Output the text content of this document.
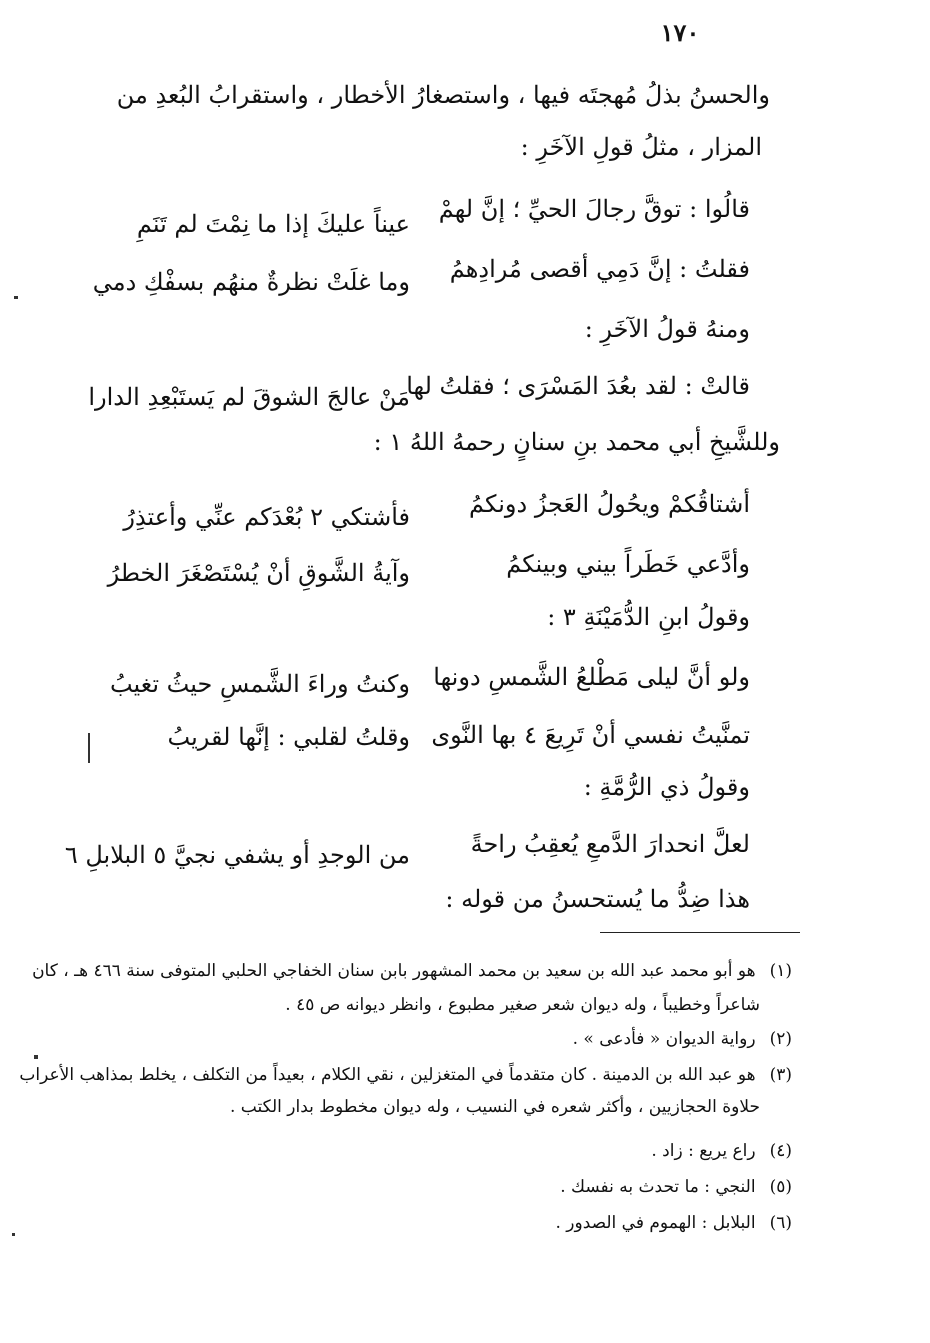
١٧٠
والحسنُ بذلُ مُهجتَه فيها ، واستصغارُ الأخطار ، واستقرابُ البُعدِ من
المزار ، مثلُ قولِ الآخَرِ :
قالُوا : توقَّ رجالَ الحيِّ ؛ إنَّ لهمْ
عيناً عليكَ إذا ما نِمْتَ لم تَنَمِ
فقلتُ : إنَّ دَمِي أقصى مُرادِهمُ
وما غلَتْ نظرةٌ منهُم بسفْكِ دمي
ومنهُ قولُ الآخَرِ :
قالتْ : لقد بعُدَ المَسْرَى ؛ فقلتُ لها
مَنْ عالجَ الشوقَ لم يَستَبْعِدِ الدارا
وللشَّيخِ أبي محمد بنِ سنانٍ رحمهُ اللهُ ١ :
أشتاقُكمْ ويحُولُ العَجزُ دونكمُ
فأشتكي ٢ بُعْدَكم عنِّي وأعتذِرُ
وأدَّعي خَطَراً بيني وبينكمُ
وآيةُ الشَّوقِ أنْ يُسْتَصْغَرَ الخطرُ
وقولُ ابنِ الدُّمَيْنَةِ ٣ :
ولو أنَّ ليلى مَطْلعُ الشَّمسِ دونها
وكنتُ وراءَ الشَّمسِ حيثُ تغيبُ
تمنَّيتُ نفسي أنْ تَرِيعَ ٤ بها النَّوى
وقلتُ لقلبي : إنَّها لقريبُ
وقولُ ذي الرُّمَّةِ :
لعلَّ انحدارَ الدَّمعِ يُعقِبُ راحةً
من الوجدِ أو يشفي نجيَّ ٥ البلابلِ ٦
هذا ضِدُّ ما يُستحسنُ من قوله :
(١)هو أبو محمد عبد الله بن سعيد بن محمد المشهور بابن سنان الخفاجي الحلبي المتوفى سنة ٤٦٦ هـ ، كان
شاعراً وخطيباً ، وله ديوان شعر صغير مطبوع ، وانظر ديوانه ص ٤٥ .
(٢)رواية الديوان « فأدعى » .
(٣)هو عبد الله بن الدمينة . كان متقدماً في المتغزلين ، نقي الكلام ، بعيداً من التكلف ، يخلط بمذاهب الأعراب
حلاوة الحجازيين ، وأكثر شعره في النسيب ، وله ديوان مخطوط بدار الكتب .
(٤)راع يريع : زاد .
(٥)النجي : ما تحدث به نفسك .
(٦)البلابل : الهموم في الصدور .
